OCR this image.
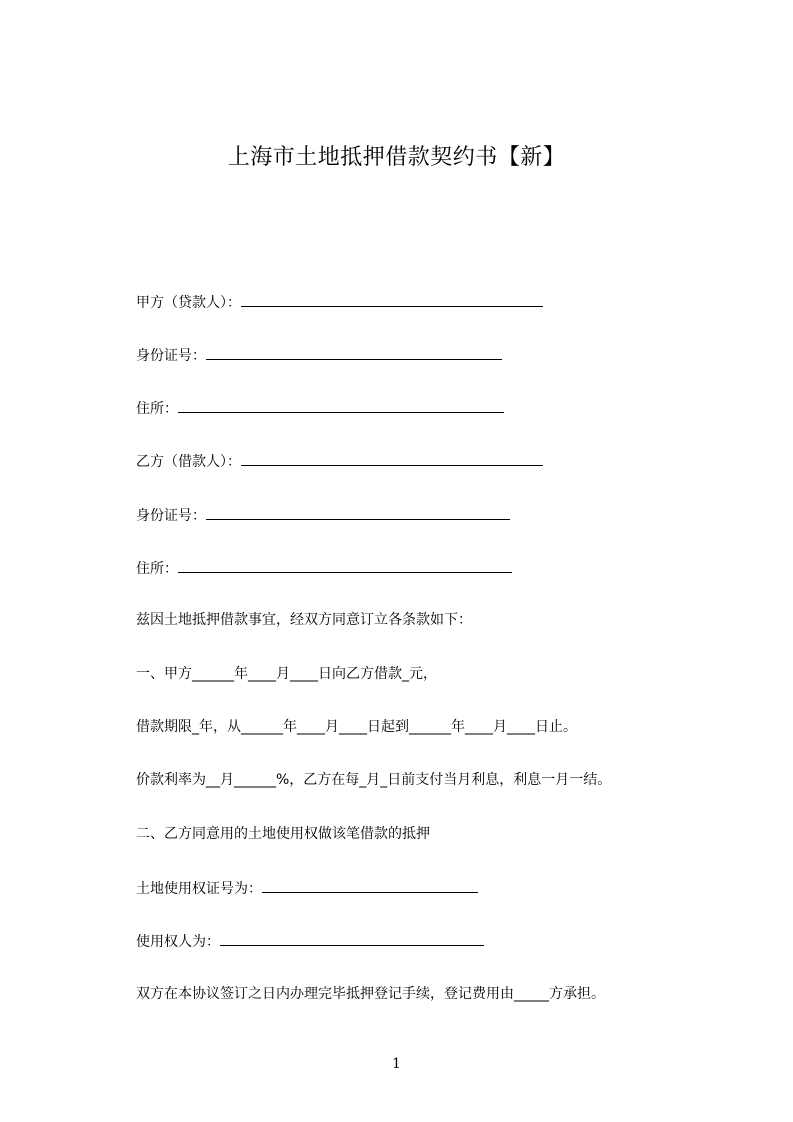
上海市土地抵押借款契约书【新】
甲方（贷款人）：
身份证号：
住所：
乙方（借款人）：
身份证号：
住所：
兹因土地抵押借款事宜，经双方同意订立各条款如下：
一、甲方______年____月____日向乙方借款_元，
借款期限_年，从______年____月____日起到______年____月____日止。
价款利率为__月______%，乙方在每_月_日前支付当月利息，利息一月一结。
二、乙方同意用的土地使用权做该笔借款的抵押
土地使用权证号为：
使用权人为：
双方在本协议签订之日内办理完毕抵押登记手续，登记费用由_____方承担。
1
